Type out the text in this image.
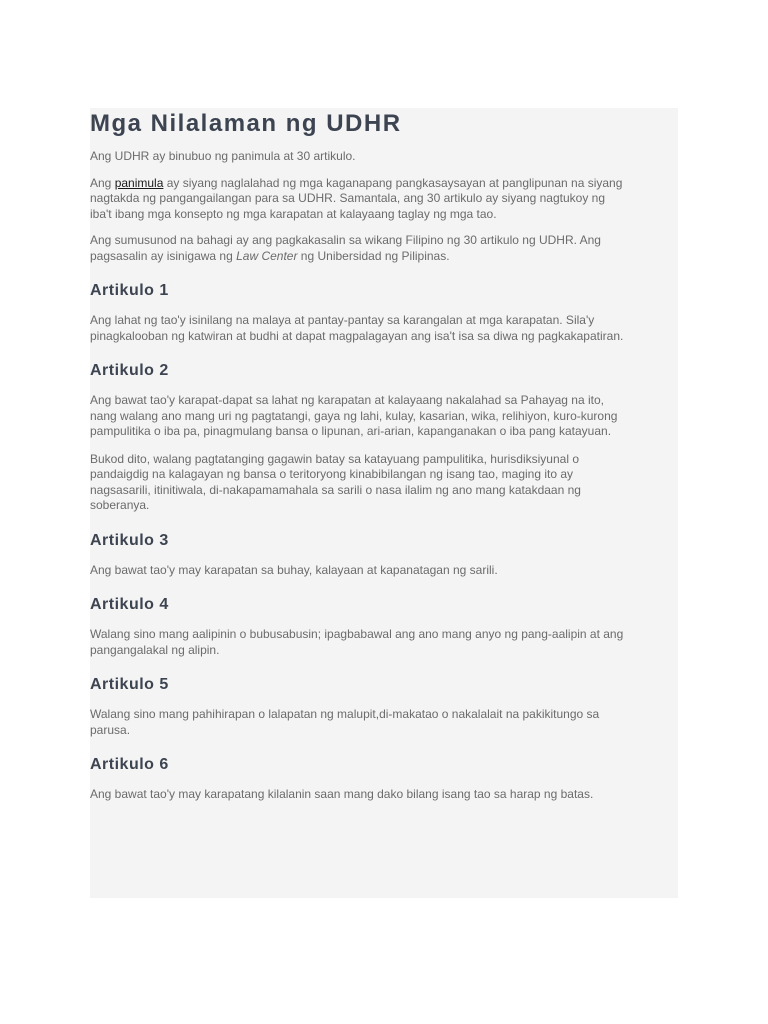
Mga Nilalaman ng UDHR

Ang UDHR ay binubuo ng panimula at 30 artikulo.

Ang panimula ay siyang naglalahad ng mga kaganapang pangkasaysayan at panglipunan na siyang
nagtakda ng pangangailangan para sa UDHR. Samantala, ang 30 artikulo ay siyang nagtukoy ng
iba't ibang mga konsepto ng mga karapatan at kalayaang taglay ng mga tao.

Ang sumusunod na bahagi ay ang pagkakasalin sa wikang Filipino ng 30 artikulo ng UDHR. Ang
pagsasalin ay isinigawa ng Law Center ng Unibersidad ng Pilipinas.

Artikulo 1

Ang lahat ng tao'y isinilang na malaya at pantay-pantay sa karangalan at mga karapatan. Sila'y
pinagkalooban ng katwiran at budhi at dapat magpalagayan ang isa't isa sa diwa ng pagkakapatiran.

Artikulo 2

Ang bawat tao'y karapat-dapat sa lahat ng karapatan at kalayaang nakalahad sa Pahayag na ito,
nang walang ano mang uri ng pagtatangi, gaya ng lahi, kulay, kasarian, wika, relihiyon, kuro-kurong
pampulitika o iba pa, pinagmulang bansa o lipunan, ari-arian, kapanganakan o iba pang katayuan.

Bukod dito, walang pagtatanging gagawin batay sa katayuang pampulitika, hurisdiksiyunal o
pandaigdig na kalagayan ng bansa o teritoryong kinabibilangan ng isang tao, maging ito ay
nagsasarili, itinitiwala, di-nakapamamahala sa sarili o nasa ilalim ng ano mang katakdaan ng
soberanya.

Artikulo 3

Ang bawat tao'y may karapatan sa buhay, kalayaan at kapanatagan ng sarili.

Artikulo 4

Walang sino mang aalipinin o bubusabusin; ipagbabawal ang ano mang anyo ng pang-aalipin at ang
pangangalakal ng alipin.

Artikulo 5

Walang sino mang pahihirapan o lalapatan ng malupit,di-makatao o nakalalait na pakikitungo sa
parusa.

Artikulo 6

Ang bawat tao'y may karapatang kilalanin saan mang dako bilang isang tao sa harap ng batas.
